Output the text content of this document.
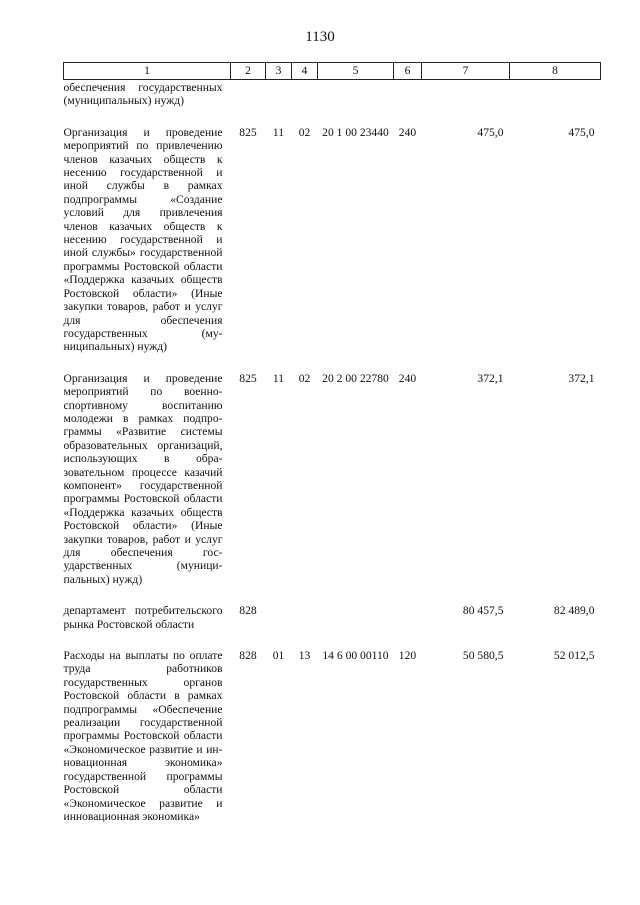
1130
1	2	3	4	5	6	7	8
обеспечения государственных (муниципальных) нужд)							
Организация и проведение мероприятий по привлечению членов казачьих обществ к несению государственной и иной службы в рамках подпрограммы «Создание условий для привлечения членов казачьих обществ к несению государственной и иной службы» государственной программы Ростовской области «Поддержка казачьих обществ Ростовской области» (Иные закупки товаров, работ и услуг для обеспечения государственных (муниципальных) нужд)	825	11	02	20 1 00 23440	240	475,0	475,0
Организация и проведение мероприятий по военно-спортивному воспитанию молодежи в рамках подпрограммы «Развитие системы образовательных организаций, использующих в образовательном процессе казачий компонент» государственной программы Ростовской области «Поддержка казачьих обществ Ростовской области» (Иные закупки товаров, работ и услуг для обеспечения государственных (муниципальных) нужд)	825	11	02	20 2 00 22780	240	372,1	372,1
департамент потребительского рынка Ростовской области	828					80 457,5	82 489,0
Расходы на выплаты по оплате труда работников государственных органов Ростовской области в рамках подпрограммы «Обеспечение реализации государственной программы Ростовской области «Экономическое развитие и инновационная экономика» государственной программы Ростовской области «Экономическое развитие и инновационная экономика»	828	01	13	14 6 00 00110	120	50 580,5	52 012,5
